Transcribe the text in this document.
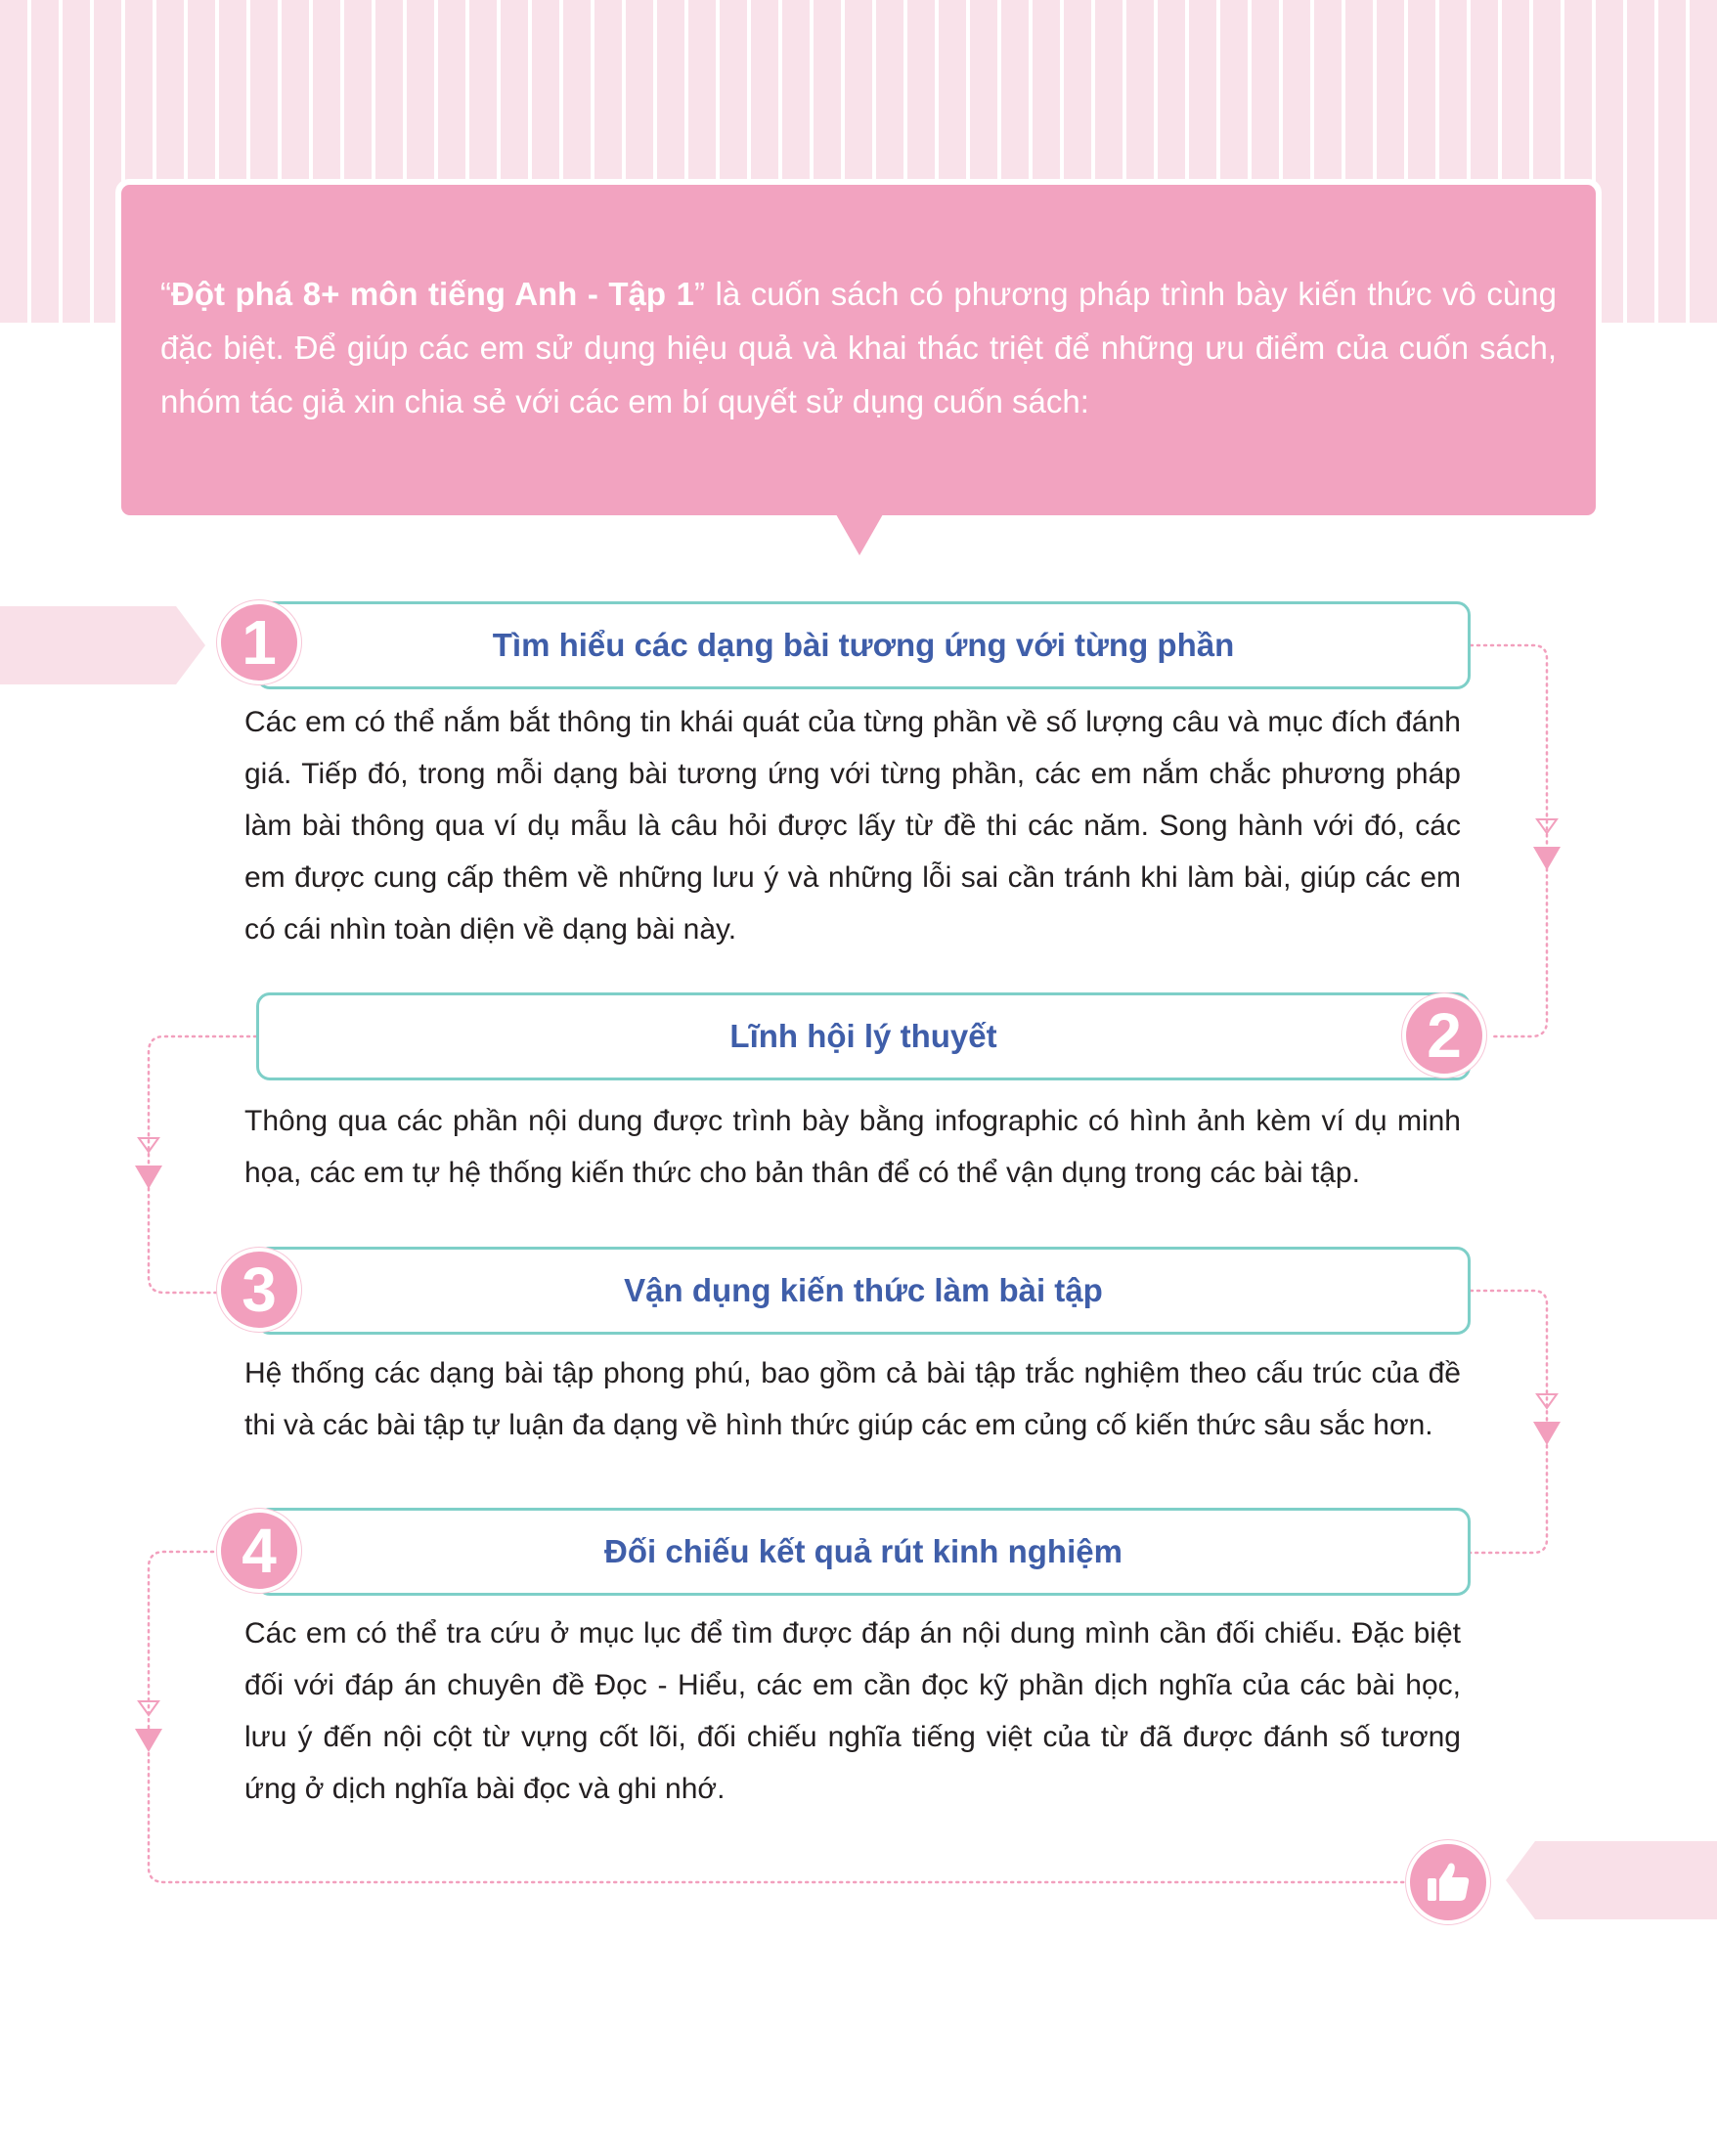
“Đột phá 8+ môn tiếng Anh - Tập 1” là cuốn sách có phương pháp trình bày kiến thức vô cùng đặc biệt. Để giúp các em sử dụng hiệu quả và khai thác triệt để những ưu điểm của cuốn sách, nhóm tác giả xin chia sẻ với các em bí quyết sử dụng cuốn sách:
Tìm hiểu các dạng bài tương ứng với từng phần
1
Các em có thể nắm bắt thông tin khái quát của từng phần về số lượng câu và mục đích đánh giá. Tiếp đó, trong mỗi dạng bài tương ứng với từng phần, các em nắm chắc phương pháp làm bài thông qua ví dụ mẫu là câu hỏi được lấy từ đề thi các năm. Song hành với đó, các em được cung cấp thêm về những lưu ý và những lỗi sai cần tránh khi làm bài, giúp các em có cái nhìn toàn diện về dạng bài này.
Lĩnh hội lý thuyết	2
Thông qua các phần nội dung được trình bày bằng infographic có hình ảnh kèm ví dụ minh họa, các em tự hệ thống kiến thức cho bản thân để có thể vận dụng trong các bài tập.
Vận dụng kiến thức làm bài tập
3
Hệ thống các dạng bài tập phong phú, bao gồm cả bài tập trắc nghiệm theo cấu trúc của đề thi và các bài tập tự luận đa dạng về hình thức giúp các em củng cố kiến thức sâu sắc hơn.
Đối chiếu kết quả rút kinh nghiệm
4
Các em có thể tra cứu ở mục lục để tìm được đáp án nội dung mình cần đối chiếu. Đặc biệt đối với đáp án chuyên đề Đọc - Hiểu, các em cần đọc kỹ phần dịch nghĩa của các bài học, lưu ý đến nội cột từ vựng cốt lõi, đối chiếu nghĩa tiếng việt của từ đã được đánh số tương ứng ở dịch nghĩa bài đọc và ghi nhớ.
